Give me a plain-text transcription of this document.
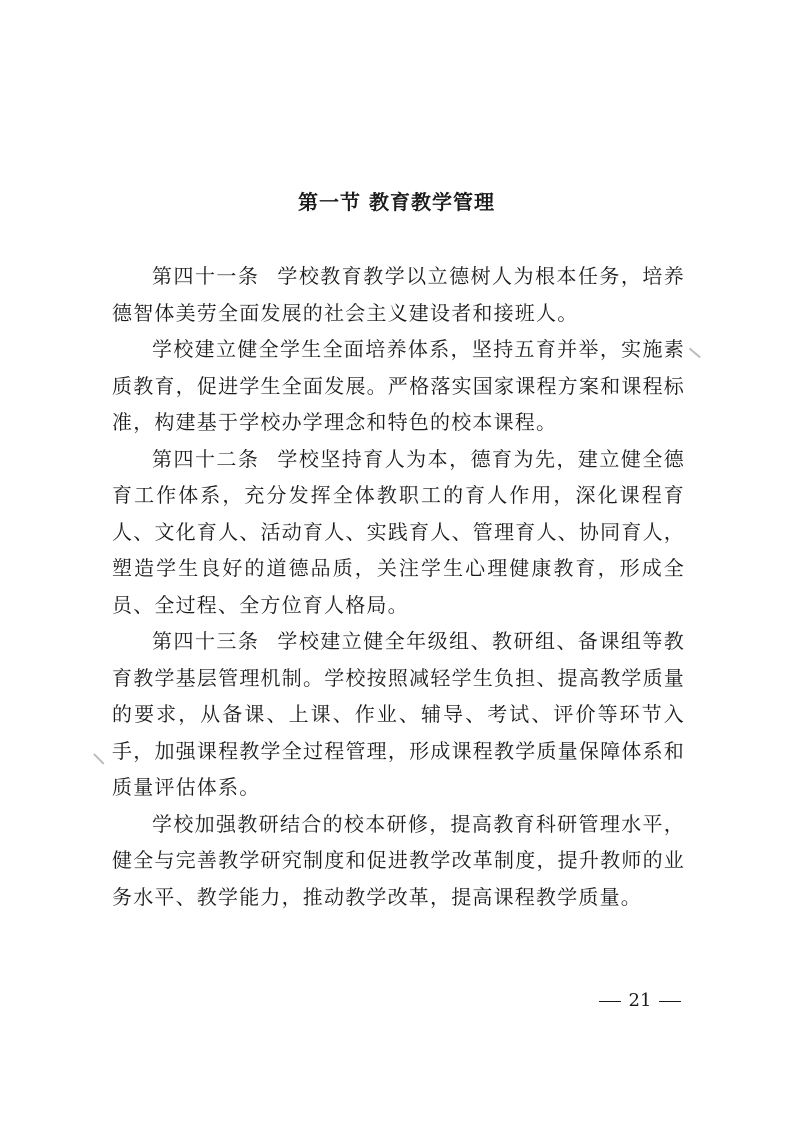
第一节 教育教学管理

第四十一条 学校教育教学以立德树人为根本任务，培养德智体美劳全面发展的社会主义建设者和接班人。

学校建立健全学生全面培养体系，坚持五育并举，实施素质教育，促进学生全面发展。严格落实国家课程方案和课程标准，构建基于学校办学理念和特色的校本课程。

第四十二条 学校坚持育人为本，德育为先，建立健全德育工作体系，充分发挥全体教职工的育人作用，深化课程育人、文化育人、活动育人、实践育人、管理育人、协同育人，塑造学生良好的道德品质，关注学生心理健康教育，形成全员、全过程、全方位育人格局。

第四十三条 学校建立健全年级组、教研组、备课组等教育教学基层管理机制。学校按照减轻学生负担、提高教学质量的要求，从备课、上课、作业、辅导、考试、评价等环节入手，加强课程教学全过程管理，形成课程教学质量保障体系和质量评估体系。

学校加强教研结合的校本研修，提高教育科研管理水平，健全与完善教学研究制度和促进教学改革制度，提升教师的业务水平、教学能力，推动教学改革，提高课程教学质量。

21
